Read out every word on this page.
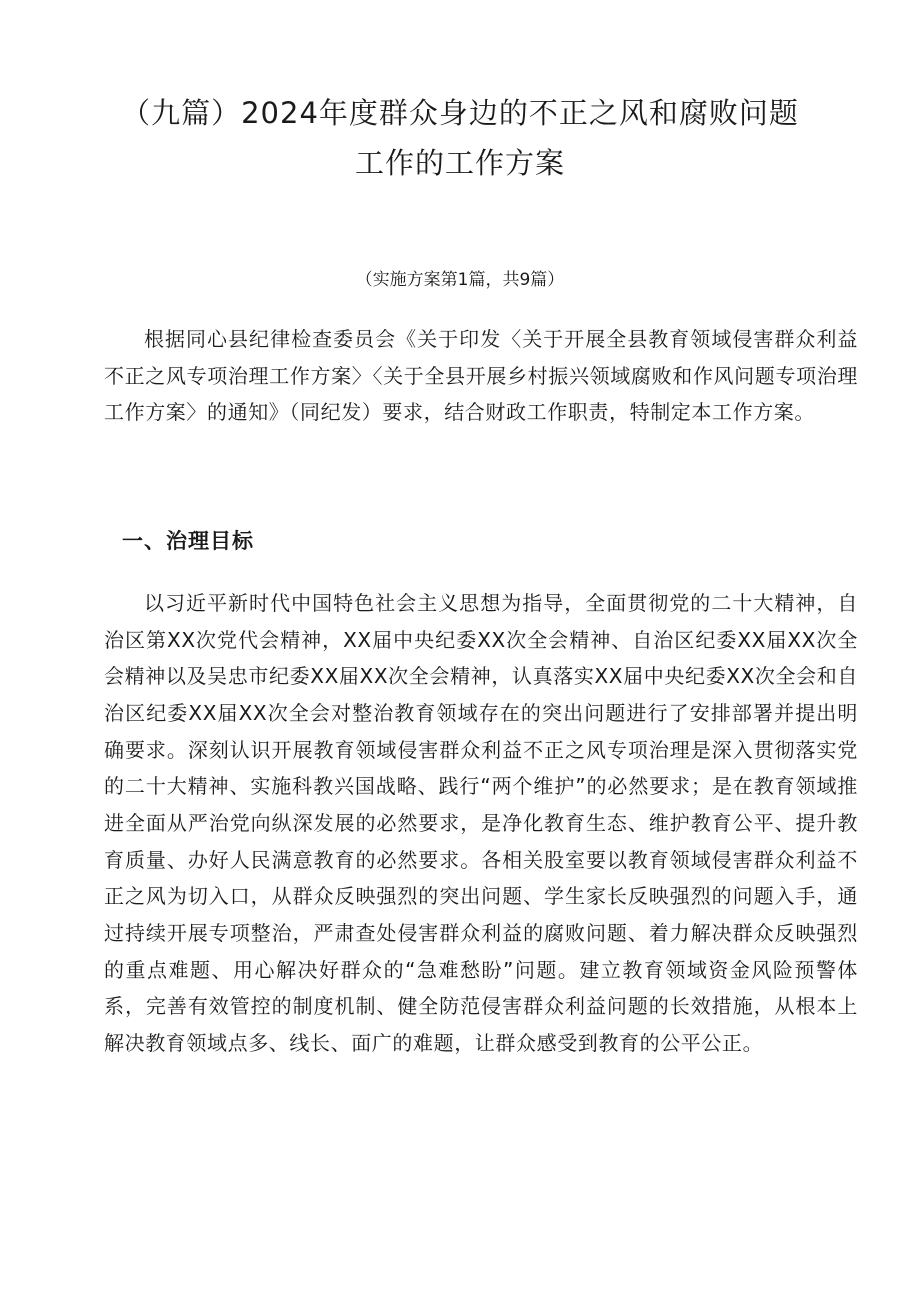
（九篇）2024年度群众身边的不正之风和腐败问题
工作的工作方案

（实施方案第1篇，共9篇）

根据同心县纪律检查委员会《关于印发〈关于开展全县教育领域侵害群众利益不正之风专项治理工作方案〉〈关于全县开展乡村振兴领域腐败和作风问题专项治理工作方案〉的通知》（同纪发）要求，结合财政工作职责，特制定本工作方案。

一、治理目标

以习近平新时代中国特色社会主义思想为指导，全面贯彻党的二十大精神，自治区第XX次党代会精神，XX届中央纪委XX次全会精神、自治区纪委XX届XX次全会精神以及吴忠市纪委XX届XX次全会精神，认真落实XX届中央纪委XX次全会和自治区纪委XX届XX次全会对整治教育领域存在的突出问题进行了安排部署并提出明确要求。深刻认识开展教育领域侵害群众利益不正之风专项治理是深入贯彻落实党的二十大精神、实施科教兴国战略、践行“两个维护”的必然要求；是在教育领域推进全面从严治党向纵深发展的必然要求，是净化教育生态、维护教育公平、提升教育质量、办好人民满意教育的必然要求。各相关股室要以教育领域侵害群众利益不正之风为切入口，从群众反映强烈的突出问题、学生家长反映强烈的问题入手，通过持续开展专项整治，严肃查处侵害群众利益的腐败问题、着力解决群众反映强烈的重点难题、用心解决好群众的“急难愁盼”问题。建立教育领域资金风险预警体系，完善有效管控的制度机制、健全防范侵害群众利益问题的长效措施，从根本上解决教育领域点多、线长、面广的难题，让群众感受到教育的公平公正。
